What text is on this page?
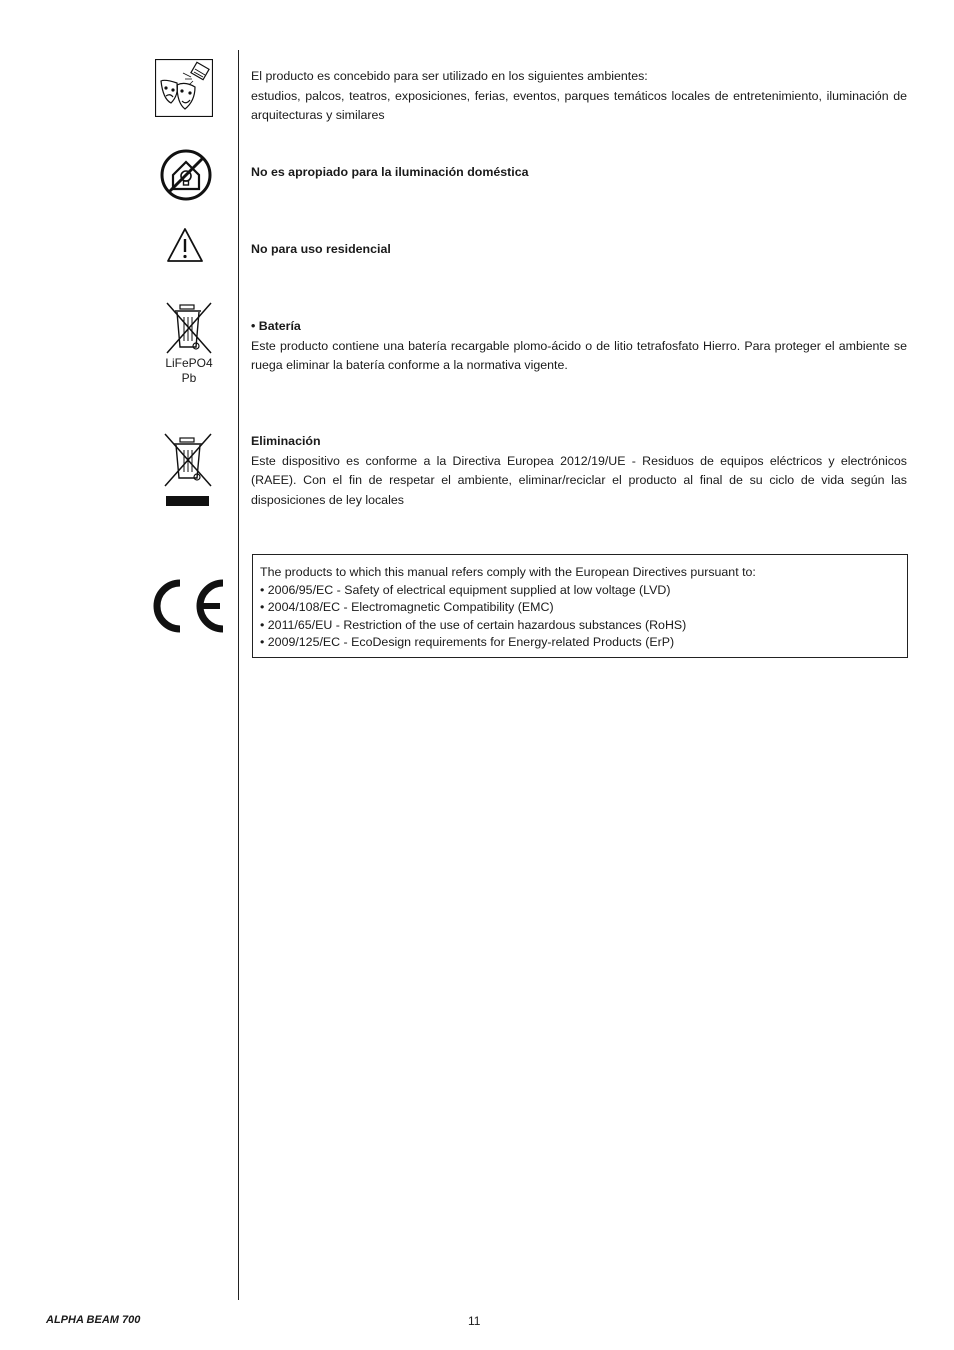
El producto es concebido para ser utilizado en los siguientes ambientes:

estudios, palcos, teatros, exposiciones, ferias, eventos, parques temáticos locales de entretenimiento, iluminación de arquitecturas y similares

No es apropiado para la iluminación doméstica
No para uso residencial
LiFePO4
Pb

• Batería

Este producto contiene una batería recargable plomo-ácido o de litio tetrafosfato Hierro. Para proteger el ambiente se ruega eliminar la batería conforme a la normativa vigente.

Eliminación

Este dispositivo es conforme a la Directiva Europea 2012/19/UE - Residuos de equipos eléctricos y electrónicos (RAEE). Con el fin de respetar el ambiente, eliminar/reciclar el producto al final de su ciclo de vida según las disposiciones de ley locales

The products to which this manual refers comply with the European Directives pursuant to:
• 2006/95/EC - Safety of electrical equipment supplied at low voltage (LVD)
• 2004/108/EC - Electromagnetic Compatibility (EMC)
• 2011/65/EU - Restriction of the use of certain hazardous substances (RoHS)
• 2009/125/EC - EcoDesign requirements for Energy-related Products (ErP)
ALPHA BEAM 700	11
